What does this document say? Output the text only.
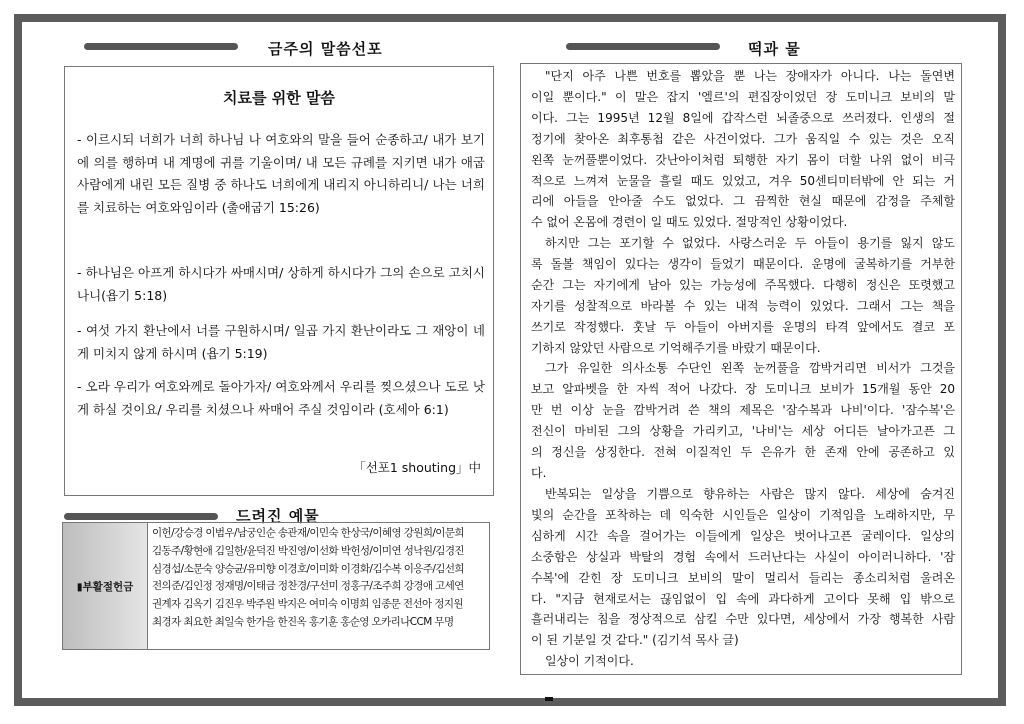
금주의 말씀선포	떡과 물
치료를 위한 말씀
- 이르시되 너희가 너희 하나님 나 여호와의 말을 들어 순종하고/ 내가 보기에 의를 행하며 내 계명에 귀를 기울이며/ 내 모든 규례를 지키면 내가 애굽 사람에게 내린 모든 질병 중 하나도 너희에게 내리지 아니하리니/ 나는 너희를 치료하는 여호와임이라 (출애굽기 15:26)
- 하나님은 아프게 하시다가 싸매시며/ 상하게 하시다가 그의 손으로 고치시나니(욥기 5:18)
- 여섯 가지 환난에서 너를 구원하시며/ 일곱 가지 환난이라도 그 재앙이 네게 미치지 않게 하시며 (욥기 5:19)
- 오라 우리가 여호와께로 돌아가자/ 여호와께서 우리를 찢으셨으나 도로 낫게 하실 것이요/ 우리를 치셨으나 싸매어 주실 것임이라 (호세아 6:1)
「선포1 shouting」中
드려진 예물
▮부활절헌금
이헌/강승경 이범우/남궁인순 송관재/이민숙 한상국/이혜영 강원희/이문희
김동주/황현애 김일한/윤덕진 박진영/이선화 박헌성/이미연 성낙원/김경진
심경섭/소문숙 양승균/유미향 이경호/이미화 이경화/김수복 이응주/김선희
전의준/김인정 정재명/이태금 정찬경/구선미 정홍구/조주희 강경애 고세연
권계자 김옥기 김진우 박주원 박지은 여미숙 이명희 임종문 전선아 정지원
최경자 최요한 최일숙 한가을 한진옥 홍기훈 홍순영 오카리나CCM 무명
"단지 아주 나쁜 번호를 뽑았을 뿐 나는 장애자가 아니다. 나는 돌연변
이일 뿐이다." 이 말은 잡지 '엘르'의 편집장이었던 장 도미니크 보비의 말
이다. 그는 1995년 12월 8일에 갑작스런 뇌졸중으로 쓰러졌다. 인생의 절
정기에 찾아온 최후통첩 같은 사건이었다. 그가 움직일 수 있는 것은 오직
왼쪽 눈꺼풀뿐이었다. 갓난아이처럼 퇴행한 자기 몸이 더할 나위 없이 비극
적으로 느껴져 눈물을 흘릴 때도 있었고, 겨우 50센티미터밖에 안 되는 거
리에 아들을 안아줄 수도 없었다. 그 끔찍한 현실 때문에 감정을 주체할
수 없어 온몸에 경련이 일 때도 있었다. 절망적인 상황이었다.
하지만 그는 포기할 수 없었다. 사랑스러운 두 아들이 용기를 잃지 않도
록 돌볼 책임이 있다는 생각이 들었기 때문이다. 운명에 굴복하기를 거부한
순간 그는 자기에게 남아 있는 가능성에 주목했다. 다행히 정신은 또렷했고
자기를 성찰적으로 바라볼 수 있는 내적 능력이 있었다. 그래서 그는 책을
쓰기로 작정했다. 훗날 두 아들이 아버지를 운명의 타격 앞에서도 결코 포
기하지 않았던 사람으로 기억해주기를 바랐기 때문이다.
그가 유일한 의사소통 수단인 왼쪽 눈꺼풀을 깜박거리면 비서가 그것을
보고 알파벳을 한 자씩 적어 나갔다. 장 도미니크 보비가 15개월 동안 20
만 번 이상 눈을 깜박거려 쓴 책의 제목은 '잠수복과 나비'이다. '잠수복'은
전신이 마비된 그의 상황을 가리키고, '나비'는 세상 어디든 날아가고픈 그
의 정신을 상징한다. 전혀 이질적인 두 은유가 한 존재 안에 공존하고 있
다.
반복되는 일상을 기쁨으로 향유하는 사람은 많지 않다. 세상에 숨겨진
빛의 순간을 포착하는 데 익숙한 시인들은 일상이 기적임을 노래하지만, 무
심하게 시간 속을 걸어가는 이들에게 일상은 벗어나고픈 굴레이다. 일상의
소중함은 상실과 박탈의 경험 속에서 드러난다는 사실이 아이러니하다. '잠
수복'에 갇힌 장 도미니크 보비의 말이 멀리서 들리는 종소리처럼 울려온
다. "지금 현재로서는 끊임없이 입 속에 과다하게 고이다 못해 입 밖으로
흘러내리는 침을 정상적으로 삼킬 수만 있다면, 세상에서 가장 행복한 사람
이 된 기분일 것 같다." (김기석 목사 글)
일상이 기적이다.
